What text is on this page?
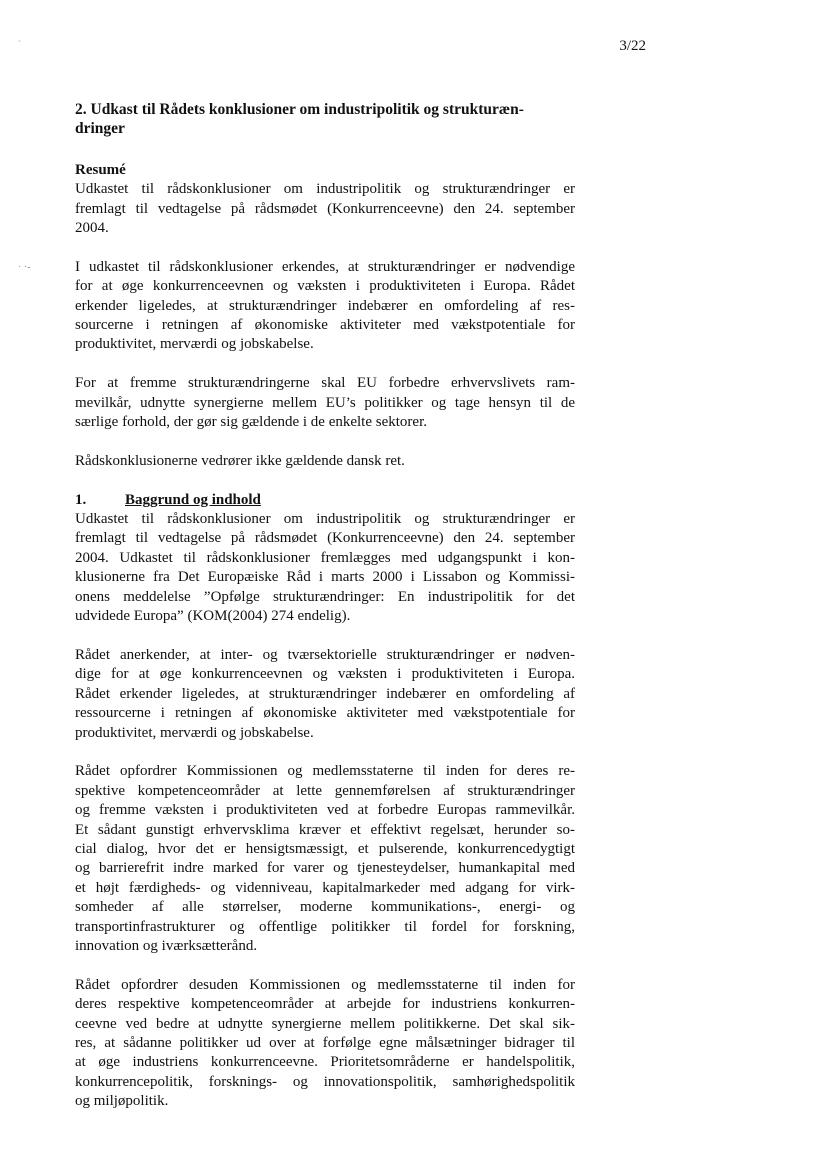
3/22
`
· ·-
2. Udkast til Rådets konklusioner om industripolitik og strukturæn-
dringer
Resumé
Udkastet til rådskonklusioner om industripolitik og strukturændringer er
fremlagt til vedtagelse på rådsmødet (Konkurrenceevne) den 24. september
2004.
I udkastet til rådskonklusioner erkendes, at strukturændringer er nødvendige
for at øge konkurrenceevnen og væksten i produktiviteten i Europa. Rådet
erkender ligeledes, at strukturændringer indebærer en omfordeling af res-
sourcerne i retningen af økonomiske aktiviteter med vækstpotentiale for
produktivitet, merværdi og jobskabelse.
For at fremme strukturændringerne skal EU forbedre erhvervslivets ram-
mevilkår, udnytte synergierne mellem EU’s politikker og tage hensyn til de
særlige forhold, der gør sig gældende i de enkelte sektorer.
Rådskonklusionerne vedrører ikke gældende dansk ret.
1.	Baggrund og indhold
Udkastet til rådskonklusioner om industripolitik og strukturændringer er
fremlagt til vedtagelse på rådsmødet (Konkurrenceevne) den 24. september
2004. Udkastet til rådskonklusioner fremlægges med udgangspunkt i kon-
klusionerne fra Det Europæiske Råd i marts 2000 i Lissabon og Kommissi-
onens meddelelse ”Opfølge strukturændringer: En industripolitik for det
udvidede Europa” (KOM(2004) 274 endelig).
Rådet anerkender, at inter- og tværsektorielle strukturændringer er nødven-
dige for at øge konkurrenceevnen og væksten i produktiviteten i Europa.
Rådet erkender ligeledes, at strukturændringer indebærer en omfordeling af
ressourcerne i retningen af økonomiske aktiviteter med vækstpotentiale for
produktivitet, merværdi og jobskabelse.
Rådet opfordrer Kommissionen og medlemsstaterne til inden for deres re-
spektive kompetenceområder at lette gennemførelsen af strukturændringer
og fremme væksten i produktiviteten ved at forbedre Europas rammevilkår.
Et sådant gunstigt erhvervsklima kræver et effektivt regelsæt, herunder so-
cial dialog, hvor det er hensigtsmæssigt, et pulserende, konkurrencedygtigt
og barrierefrit indre marked for varer og tjenesteydelser, humankapital med
et højt færdigheds- og videnniveau, kapitalmarkeder med adgang for virk-
somheder af alle størrelser, moderne kommunikations-, energi- og
transportinfrastrukturer og offentlige politikker til fordel for forskning,
innovation og iværksætterånd.
Rådet opfordrer desuden Kommissionen og medlemsstaterne til inden for
deres respektive kompetenceområder at arbejde for industriens konkurren-
ceevne ved bedre at udnytte synergierne mellem politikkerne. Det skal sik-
res, at sådanne politikker ud over at forfølge egne målsætninger bidrager til
at øge industriens konkurrenceevne. Prioritetsområderne er handelspolitik,
konkurrencepolitik, forsknings- og innovationspolitik, samhørighedspolitik
og miljøpolitik.
